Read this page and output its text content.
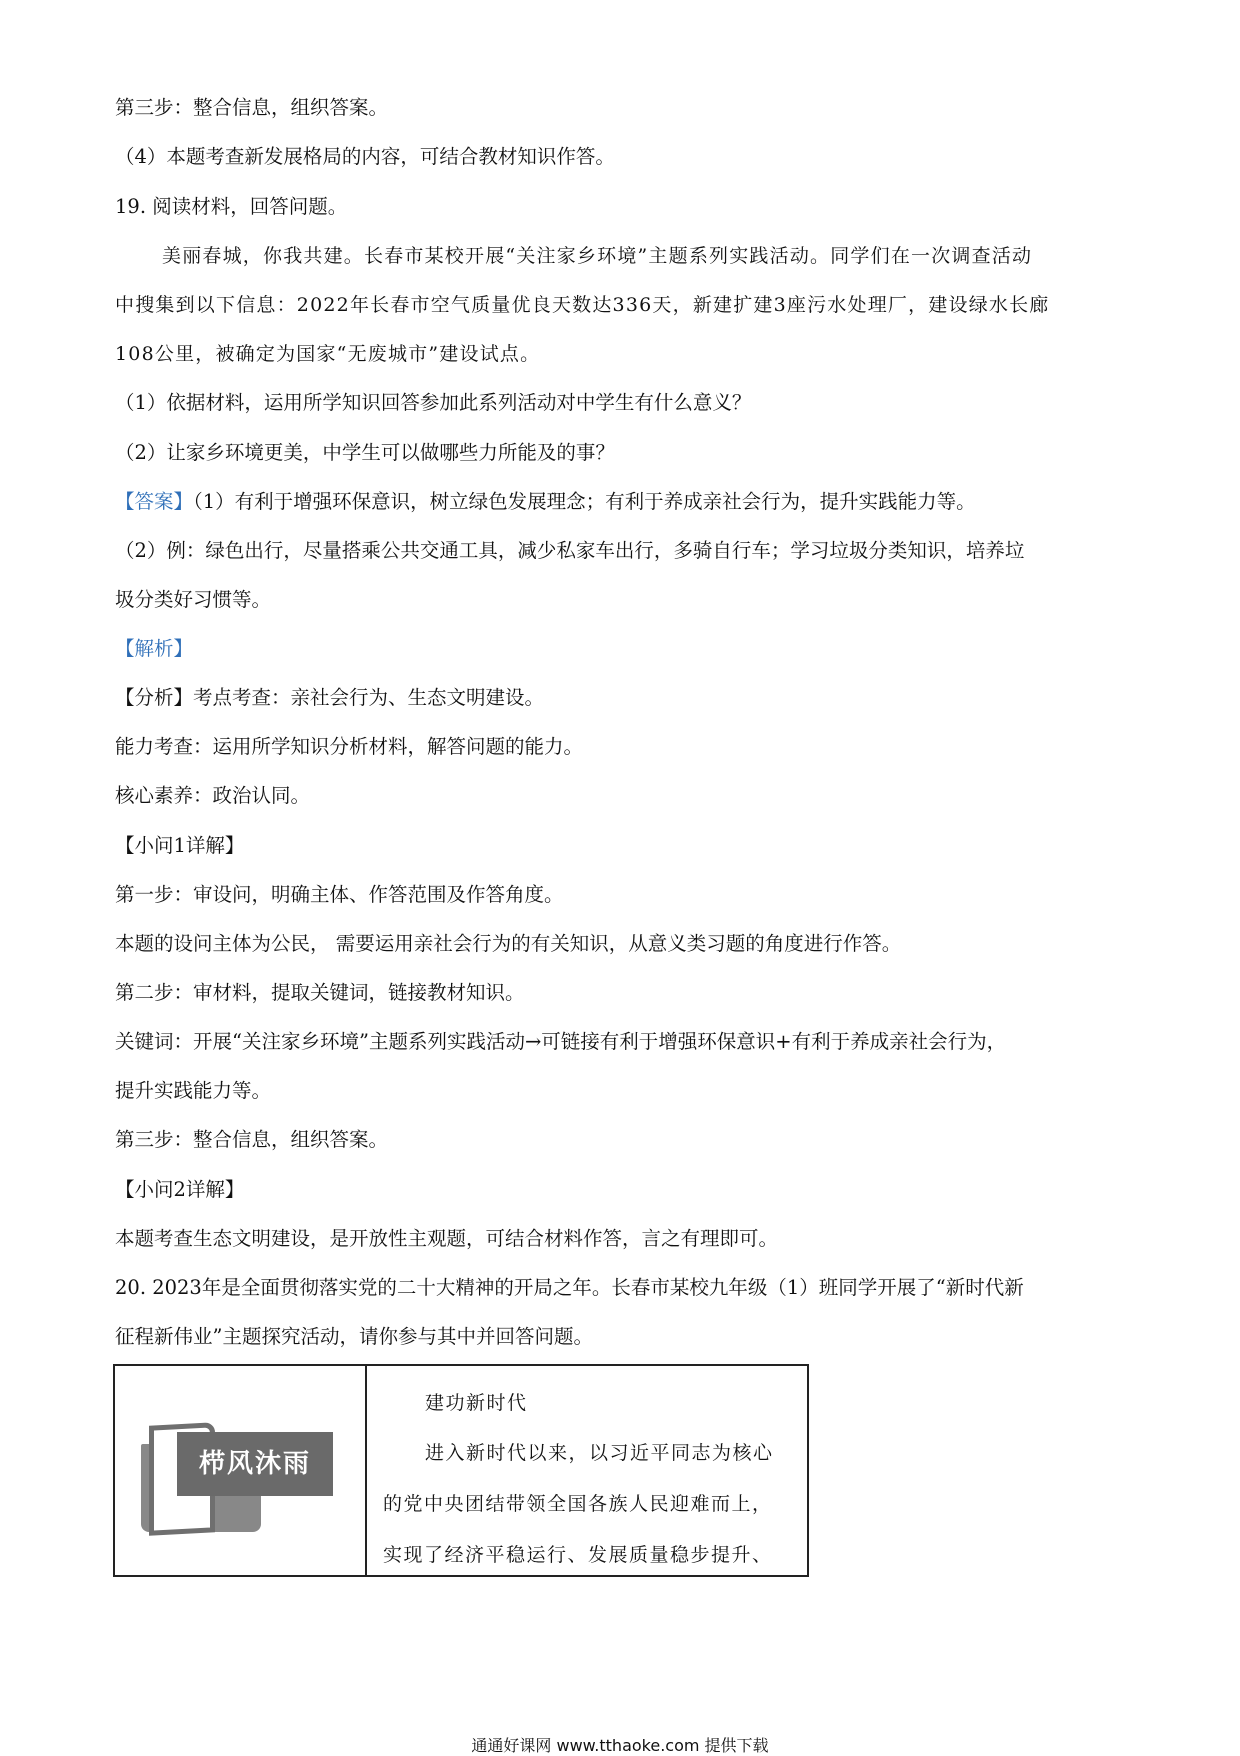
第三步：整合信息，组织答案。
（4）本题考查新发展格局的内容，可结合教材知识作答。
19. 阅读材料，回答问题。
美丽春城，你我共建。长春市某校开展“关注家乡环境”主题系列实践活动。同学们在一次调查活动
中搜集到以下信息：2022年长春市空气质量优良天数达336天，新建扩建3座污水处理厂，建设绿水长廊
108公里，被确定为国家“无废城市”建设试点。
（1）依据材料，运用所学知识回答参加此系列活动对中学生有什么意义？
（2）让家乡环境更美，中学生可以做哪些力所能及的事？
【答案】（1）有利于增强环保意识，树立绿色发展理念；有利于养成亲社会行为，提升实践能力等。
（2）例：绿色出行，尽量搭乘公共交通工具，减少私家车出行，多骑自行车；学习垃圾分类知识，培养垃
圾分类好习惯等。
【解析】
【分析】考点考查：亲社会行为、生态文明建设。
能力考查：运用所学知识分析材料，解答问题的能力。
核心素养：政治认同。
【小问1详解】
第一步：审设问，明确主体、作答范围及作答角度。
本题的设问主体为公民， 需要运用亲社会行为的有关知识，从意义类习题的角度进行作答。
第二步：审材料，提取关键词，链接教材知识。
关键词：开展“关注家乡环境”主题系列实践活动→可链接有利于增强环保意识+有利于养成亲社会行为，
提升实践能力等。
第三步：整合信息，组织答案。
【小问2详解】
本题考查生态文明建设，是开放性主观题，可结合材料作答，言之有理即可。
20. 2023年是全面贯彻落实党的二十大精神的开局之年。长春市某校九年级（1）班同学开展了“新时代新
征程新伟业”主题探究活动，请你参与其中并回答问题。
栉风沐雨
建功新时代
进入新时代以来，以习近平同志为核心
的党中央团结带领全国各族人民迎难而上，
实现了经济平稳运行、发展质量稳步提升、
通通好课网 www.tthaoke.com 提供下载
